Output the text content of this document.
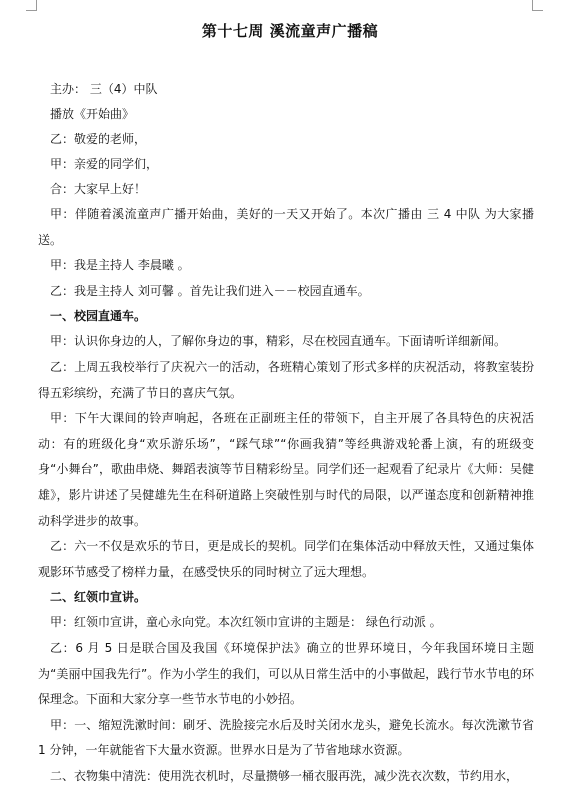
第十七周 溪流童声广播稿

主办： 三（4）中队

播放《开始曲》

乙：敬爱的老师，

甲：亲爱的同学们，

合：大家早上好！

甲：伴随着溪流童声广播开始曲，美好的一天又开始了。本次广播由 三 4 中队 为大家播送。

甲：我是主持人 李晨曦 。

乙：我是主持人 刘可馨 。首先让我们进入－－校园直通车。

一、校园直通车。

甲：认识你身边的人，了解你身边的事，精彩，尽在校园直通车。下面请听详细新闻。

乙：上周五我校举行了庆祝六一的活动，各班精心策划了形式多样的庆祝活动，将教室装扮得五彩缤纷，充满了节日的喜庆气氛。

甲：下午大课间的铃声响起，各班在正副班主任的带领下，自主开展了各具特色的庆祝活动：有的班级化身“欢乐游乐场”，“踩气球”“你画我猜”等经典游戏轮番上演，有的班级变身“小舞台”，歌曲串烧、舞蹈表演等节目精彩纷呈。同学们还一起观看了纪录片《大师：吴健雄》，影片讲述了吴健雄先生在科研道路上突破性别与时代的局限，以严谨态度和创新精神推动科学进步的故事。

乙：六一不仅是欢乐的节日，更是成长的契机。同学们在集体活动中释放天性，又通过集体观影环节感受了榜样力量，在感受快乐的同时树立了远大理想。

二、红领巾宣讲。

甲：红领巾宣讲，童心永向党。本次红领巾宣讲的主题是： 绿色行动派 。

乙：6 月 5 日是联合国及我国《环境保护法》确立的世界环境日，今年我国环境日主题为“美丽中国我先行”。作为小学生的我们，可以从日常生活中的小事做起，践行节水节电的环保理念。下面和大家分享一些节水节电的小妙招。

甲：一、缩短洗漱时间：刷牙、洗脸接完水后及时关闭水龙头，避免长流水。每次洗漱节省 1 分钟，一年就能省下大量水资源。世界水日是为了节省地球水资源。

二、衣物集中清洗：使用洗衣机时，尽量攒够一桶衣服再洗，减少洗衣次数，节约用水，
